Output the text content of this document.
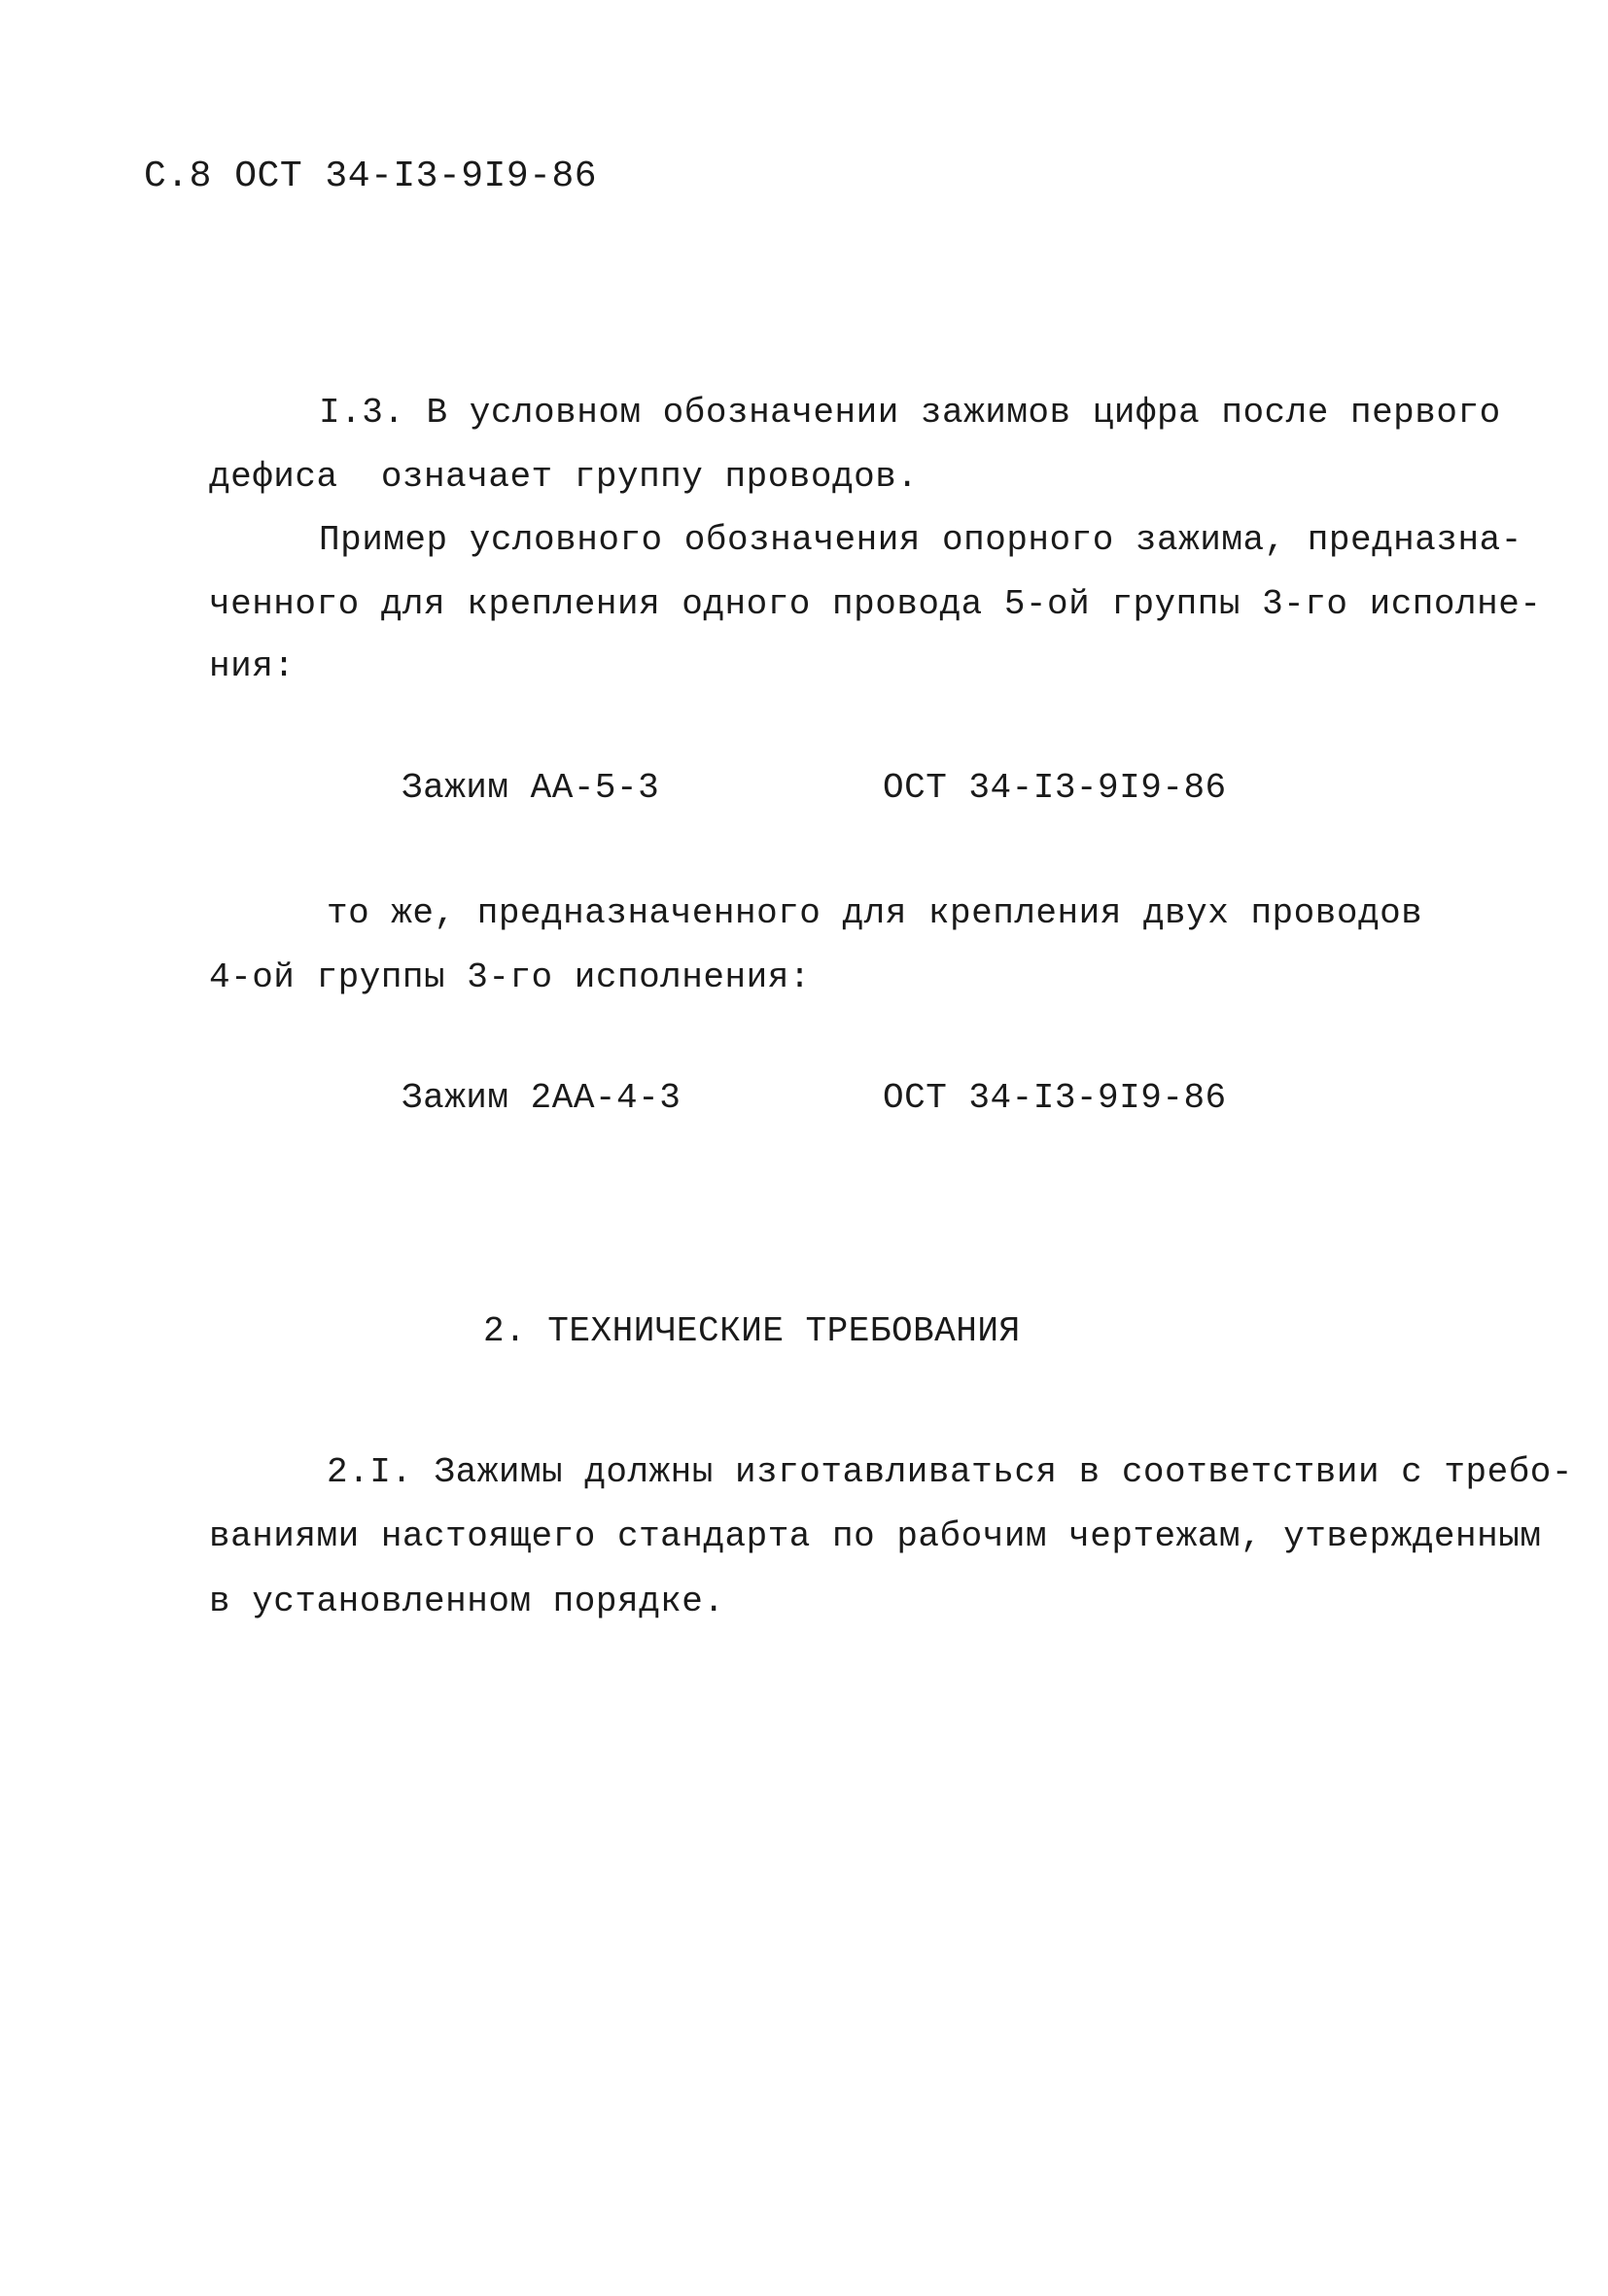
С.8 ОСТ 34-I3-9I9-86
I.3. В условном обозначении зажимов цифра после первого
дефиса  означает группу проводов.
Пример условного обозначения опорного зажима, предназна-
ченного для крепления одного провода 5-ой группы 3-го исполне-
ния:
Зажим АА-5-3	ОСТ 34-I3-9I9-86
то же, предназначенного для крепления двух проводов
4-ой группы 3-го исполнения:
Зажим 2АА-4-3	ОСТ 34-I3-9I9-86
2. ТЕХНИЧЕСКИЕ ТРЕБОВАНИЯ
2.I. Зажимы должны изготавливаться в соответствии с требо-
ваниями настоящего стандарта по рабочим чертежам, утвержденным
в установленном порядке.
